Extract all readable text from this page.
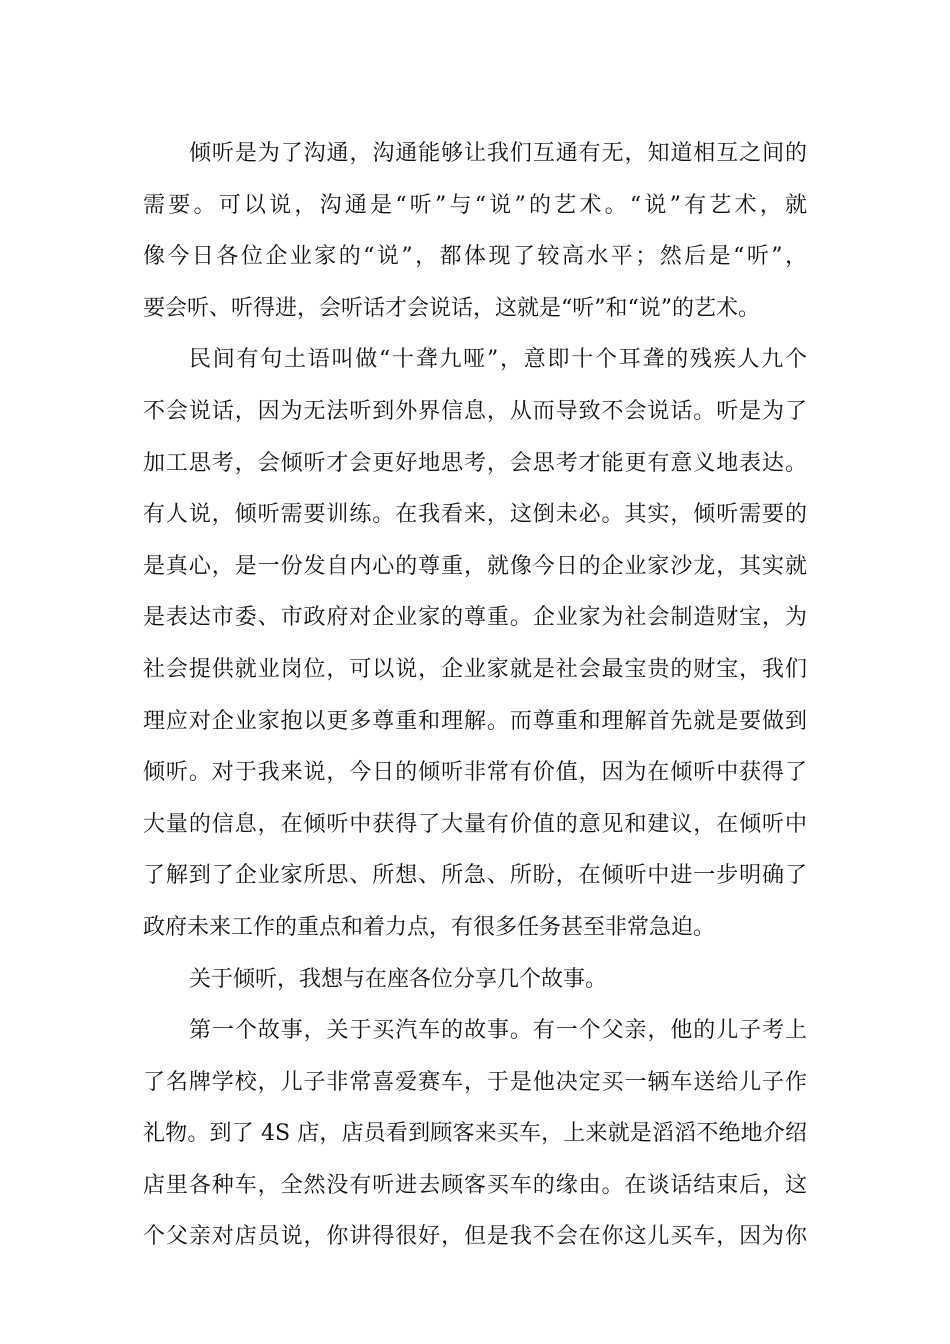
倾听是为了沟通，沟通能够让我们互通有无，知道相互之间的
需要。可以说，沟通是“听”与“说”的艺术。“说”有艺术，就
像今日各位企业家的“说”，都体现了较高水平；然后是“听”，
要会听、听得进，会听话才会说话，这就是“听”和“说”的艺术。
民间有句土语叫做“十聋九哑”，意即十个耳聋的残疾人九个
不会说话，因为无法听到外界信息，从而导致不会说话。听是为了
加工思考，会倾听才会更好地思考，会思考才能更有意义地表达。
有人说，倾听需要训练。在我看来，这倒未必。其实，倾听需要的
是真心，是一份发自内心的尊重，就像今日的企业家沙龙，其实就
是表达市委、市政府对企业家的尊重。企业家为社会制造财宝，为
社会提供就业岗位，可以说，企业家就是社会最宝贵的财宝，我们
理应对企业家抱以更多尊重和理解。而尊重和理解首先就是要做到
倾听。对于我来说，今日的倾听非常有价值，因为在倾听中获得了
大量的信息，在倾听中获得了大量有价值的意见和建议，在倾听中
了解到了企业家所思、所想、所急、所盼，在倾听中进一步明确了
政府未来工作的重点和着力点，有很多任务甚至非常急迫。
关于倾听，我想与在座各位分享几个故事。
第一个故事，关于买汽车的故事。有一个父亲，他的儿子考上
了名牌学校，儿子非常喜爱赛车，于是他决定买一辆车送给儿子作
礼物。到了 4S 店，店员看到顾客来买车，上来就是滔滔不绝地介绍
店里各种车，全然没有听进去顾客买车的缘由。在谈话结束后，这
个父亲对店员说，你讲得很好，但是我不会在你这儿买车，因为你
